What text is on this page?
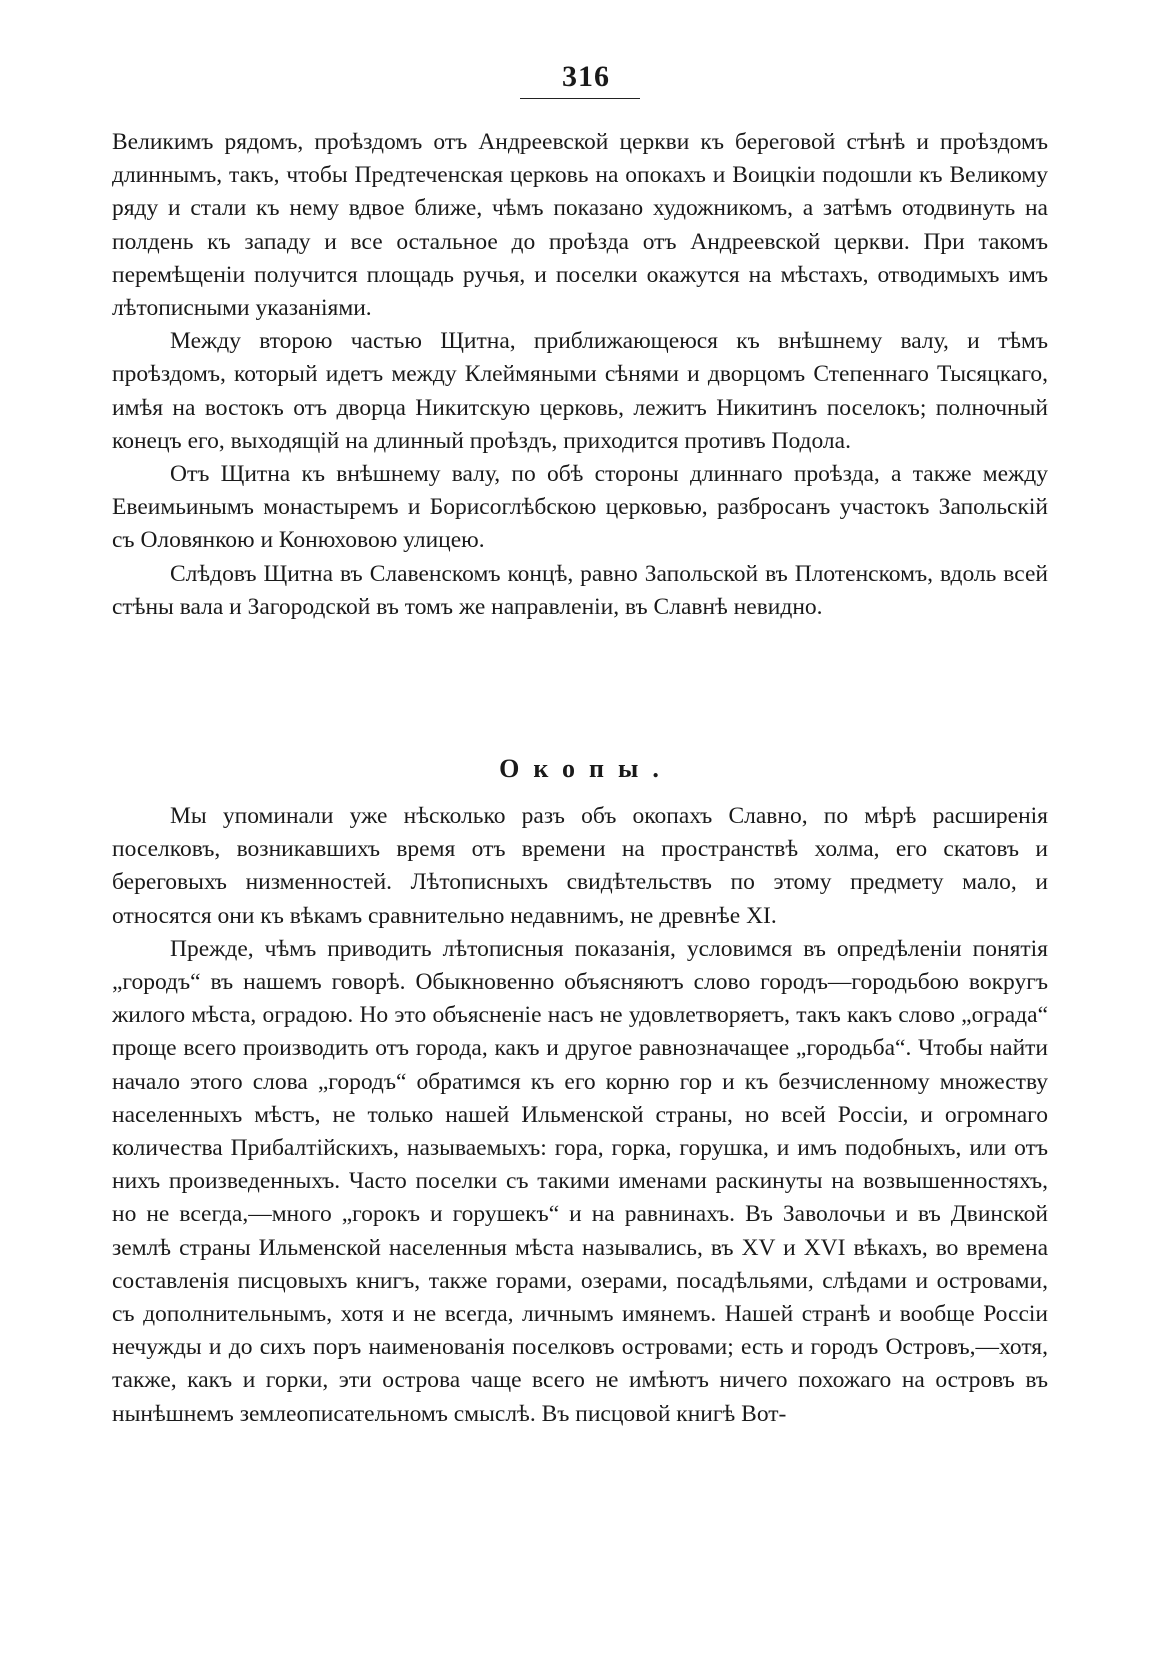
316

Великимъ рядомъ, проѣздомъ отъ Андреевской церкви къ береговой стѣнѣ и проѣздомъ длиннымъ, такъ, чтобы Предтеченская церковь на опокахъ и Воицкіи подошли къ Великому ряду и стали къ нему вдвое ближе, чѣмъ показано художникомъ, а затѣмъ отодвинуть на полдень къ западу и все остальное до проѣзда отъ Андреевской церкви. При такомъ перемѣщеніи получится площадь ручья, и поселки окажутся на мѣстахъ, отводимыхъ имъ лѣтописными указаніями.

Между второю частью Щитна, приближающеюся къ внѣшнему валу, и тѣмъ проѣздомъ, который идетъ между Клеймяными сѣнями и дворцомъ Степеннаго Тысяцкаго, имѣя на востокъ отъ дворца Никитскую церковь, лежитъ Никитинъ поселокъ; полночный конецъ его, выходящій на длинный проѣздъ, приходится противъ Подола.

Отъ Щитна къ внѣшнему валу, по обѣ стороны длиннаго проѣзда, а также между Евеимьинымъ монастыремъ и Борисоглѣбскою церковью, разбросанъ участокъ Запольскій съ Оловянкою и Конюховою улицею.

Слѣдовъ Щитна въ Славенскомъ концѣ, равно Запольской въ Плотенскомъ, вдоль всей стѣны вала и Загородской въ томъ же направленіи, въ Славнѣ невидно.

Окопы.

Мы упоминали уже нѣсколько разъ объ окопахъ Славно, по мѣрѣ расширенія поселковъ, возникавшихъ время отъ времени на пространствѣ холма, его скатовъ и береговыхъ низменностей. Лѣтописныхъ свидѣтельствъ по этому предмету мало, и относятся они къ вѣкамъ сравнительно недавнимъ, не древнѣе XI.

Прежде, чѣмъ приводить лѣтописныя показанія, условимся въ опредѣленіи понятія „городъ“ въ нашемъ говорѣ. Обыкновенно объясняютъ слово городъ—городьбою вокругъ жилого мѣста, оградою. Но это объясненіе насъ не удовлетворяетъ, такъ какъ слово „ограда“ проще всего производить отъ города, какъ и другое равнозначащее „городьба“. Чтобы найти начало этого слова „городъ“ обратимся къ его корню гор и къ безчисленному множеству населенныхъ мѣстъ, не только нашей Ильменской страны, но всей Россіи, и огромнаго количества Прибалтійскихъ, называемыхъ: гора, горка, горушка, и имъ подобныхъ, или отъ нихъ произведенныхъ. Часто поселки съ такими именами раскинуты на возвышенностяхъ, но не всегда,—много „горокъ и горушекъ“ и на равнинахъ. Въ Заволочьи и въ Двинской землѣ страны Ильменской населенныя мѣста назывались, въ XV и XVI вѣкахъ, во времена составленія писцовыхъ книгъ, также горами, озерами, посадѣльями, слѣдами и островами, съ дополнительнымъ, хотя и не всегда, личнымъ имянемъ. Нашей странѣ и вообще Россіи нечужды и до сихъ поръ наименованія поселковъ островами; есть и городъ Островъ,—хотя, также, какъ и горки, эти острова чаще всего не имѣютъ ничего похожаго на островъ въ нынѣшнемъ землеописательномъ смыслѣ. Въ писцовой книгѣ Вот-
